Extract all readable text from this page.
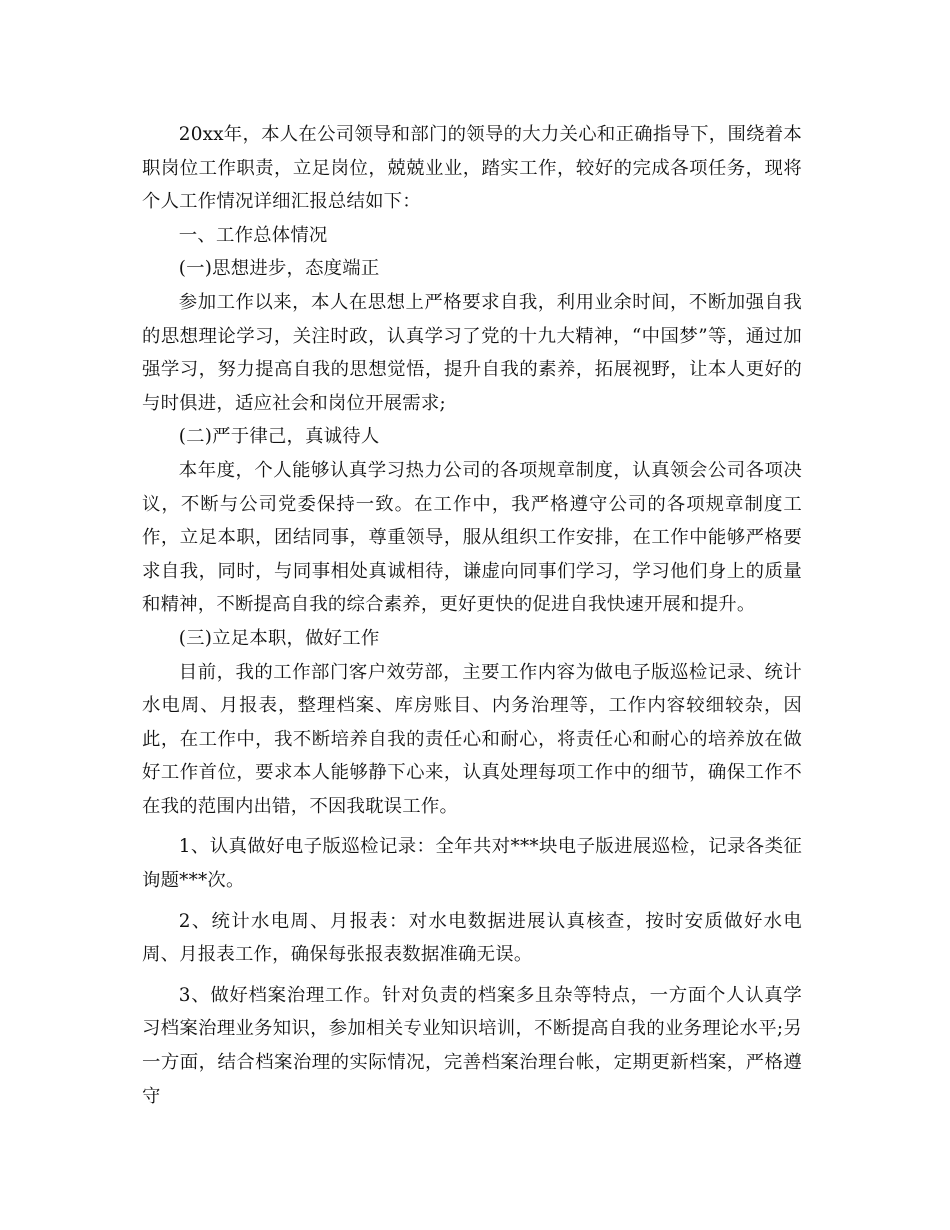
20xx年，本人在公司领导和部门的领导的大力关心和正确指导下，围绕着本职岗位工作职责，立足岗位，兢兢业业，踏实工作，较好的完成各项任务，现将个人工作情况详细汇报总结如下：

一、工作总体情况

(一)思想进步，态度端正

参加工作以来，本人在思想上严格要求自我，利用业余时间，不断加强自我的思想理论学习，关注时政，认真学习了党的十九大精神，“中国梦”等，通过加强学习，努力提高自我的思想觉悟，提升自我的素养，拓展视野，让本人更好的与时俱进，适应社会和岗位开展需求;

(二)严于律己，真诚待人

本年度，个人能够认真学习热力公司的各项规章制度，认真领会公司各项决议，不断与公司党委保持一致。在工作中，我严格遵守公司的各项规章制度工作，立足本职，团结同事，尊重领导，服从组织工作安排，在工作中能够严格要求自我，同时，与同事相处真诚相待，谦虚向同事们学习，学习他们身上的质量和精神，不断提高自我的综合素养，更好更快的促进自我快速开展和提升。

(三)立足本职，做好工作

目前，我的工作部门客户效劳部，主要工作内容为做电子版巡检记录、统计水电周、月报表，整理档案、库房账目、内务治理等，工作内容较细较杂，因此，在工作中，我不断培养自我的责任心和耐心，将责任心和耐心的培养放在做好工作首位，要求本人能够静下心来，认真处理每项工作中的细节，确保工作不在我的范围内出错，不因我耽误工作。

1、认真做好电子版巡检记录：全年共对***块电子版进展巡检，记录各类征询题***次。

2、统计水电周、月报表：对水电数据进展认真核查，按时安质做好水电周、月报表工作，确保每张报表数据准确无误。

3、做好档案治理工作。针对负责的档案多且杂等特点，一方面个人认真学习档案治理业务知识，参加相关专业知识培训，不断提高自我的业务理论水平;另一方面，结合档案治理的实际情况，完善档案治理台帐，定期更新档案，严格遵守
